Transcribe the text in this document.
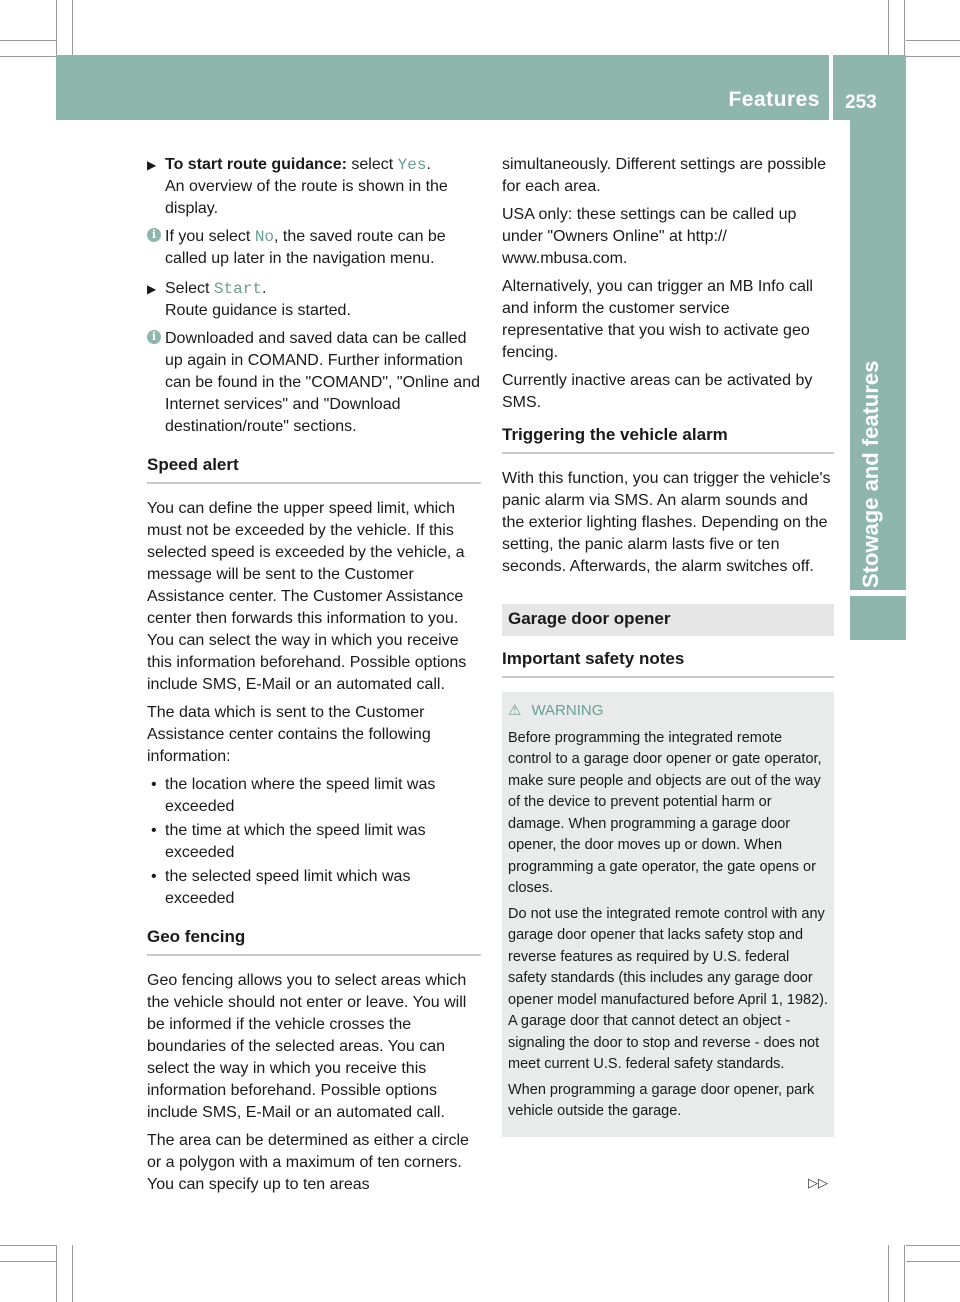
Features 253
Stowage and features
▶ To start route guidance: select Yes.
An overview of the route is shown in the display.
i If you select No, the saved route can be called up later in the navigation menu.
▶ Select Start.
Route guidance is started.
i Downloaded and saved data can be called up again in COMAND. Further information can be found in the "COMAND", "Online and Internet services" and "Download destination/route" sections.
Speed alert

You can define the upper speed limit, which must not be exceeded by the vehicle. If this selected speed is exceeded by the vehicle, a message will be sent to the Customer Assistance center. The Customer Assistance center then forwards this information to you. You can select the way in which you receive this information beforehand. Possible options include SMS, E-Mail or an automated call.

The data which is sent to the Customer Assistance center contains the following information:

• the location where the speed limit was exceeded
• the time at which the speed limit was exceeded
• the selected speed limit which was exceeded
Geo fencing

Geo fencing allows you to select areas which the vehicle should not enter or leave. You will be informed if the vehicle crosses the boundaries of the selected areas. You can select the way in which you receive this information beforehand. Possible options include SMS, E-Mail or an automated call.

The area can be determined as either a circle or a polygon with a maximum of ten corners. You can specify up to ten areas

simultaneously. Different settings are possible for each area.

USA only: these settings can be called up under "Owners Online" at http:// www.mbusa.com.

Alternatively, you can trigger an MB Info call and inform the customer service representative that you wish to activate geo fencing.

Currently inactive areas can be activated by SMS.

Triggering the vehicle alarm

With this function, you can trigger the vehicle's panic alarm via SMS. An alarm sounds and the exterior lighting flashes. Depending on the setting, the panic alarm lasts five or ten seconds. Afterwards, the alarm switches off.

Garage door opener
Important safety notes
⚠ WARNING

Before programming the integrated remote control to a garage door opener or gate operator, make sure people and objects are out of the way of the device to prevent potential harm or damage. When programming a garage door opener, the door moves up or down. When programming a gate operator, the gate opens or closes.

Do not use the integrated remote control with any garage door opener that lacks safety stop and reverse features as required by U.S. federal safety standards (this includes any garage door opener model manufactured before April 1, 1982). A garage door that cannot detect an object - signaling the door to stop and reverse - does not meet current U.S. federal safety standards.

When programming a garage door opener, park vehicle outside the garage.

▷▷
